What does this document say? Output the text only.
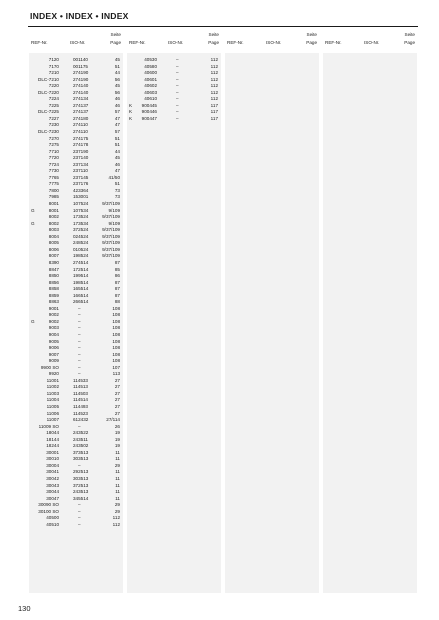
INDEX • INDEX • INDEX
REF-Nr.	ISO-Nr.
Seite
Page REF-Nr.	ISO-Nr.
Seite
Page REF-Nr.	ISO-Nr.
Seite
Page REF-Nr.	ISO-Nr.
Seite
Page
7120	001140	45
7170	001175	51
7210	274190	44
DLC-7210	274190	56
7220	274140	45
DLC-7220	274140	56
7224	274134	46
7225	274137	46
DLC-7225	274137	57
7227	274180	47
7230	274110	47
DLC-7230	274110	57
7270	274175	51
7275	274178	51
7710	237190	44
7720	237140	45
7724	237134	46
7730	237110	47
7765	237145	41/50
7775	237176	51
7800	423364	73
7985	153001	73
8001	107524	9/37/109
G	8001	107534	9/109
8002	173524	9/37/109
G	8002	173534	9/109
8003	372524	9/37/109
8004	024524	9/37/109
8005	248524	9/37/109
8006	010524	9/37/109
8007	198524	9/37/109
8390	274514	87
8847	172514	85
8850	199514	86
8856	198514	87
8858	165514	87
8859	166514	87
8863	266514	88
9001	–	108
9002	–	108
G	9002	–	108
9003	–	108
9004	–	108
9005	–	108
9006	–	108
9007	–	108
9009	–	108
9900 SO	–	107
9920	–	113
11001	114533	27
11002	114513	27
11003	114503	27
11004	114514	27
11005	114493	27
11006	114523	27
11007	612432	27/114
11009 SO	–	26
18044	243522	19
18144	243511	19
18244	243502	19
30001	373513	11
30010	303513	11
30004	–	29
30041	292513	11
30042	303513	11
30043	372513	11
30044	243513	11
30047	345514	11
30090 SO	–	29
30100 SO	–	29
40500	–	112
40510	–	112
40530	–	112
40580	–	112
40600	–	112
40601	–	112
40602	–	112
40603	–	112
40610	–	112
K	900445	–	117
K	900446	–	117
K	900447	–	117
130
